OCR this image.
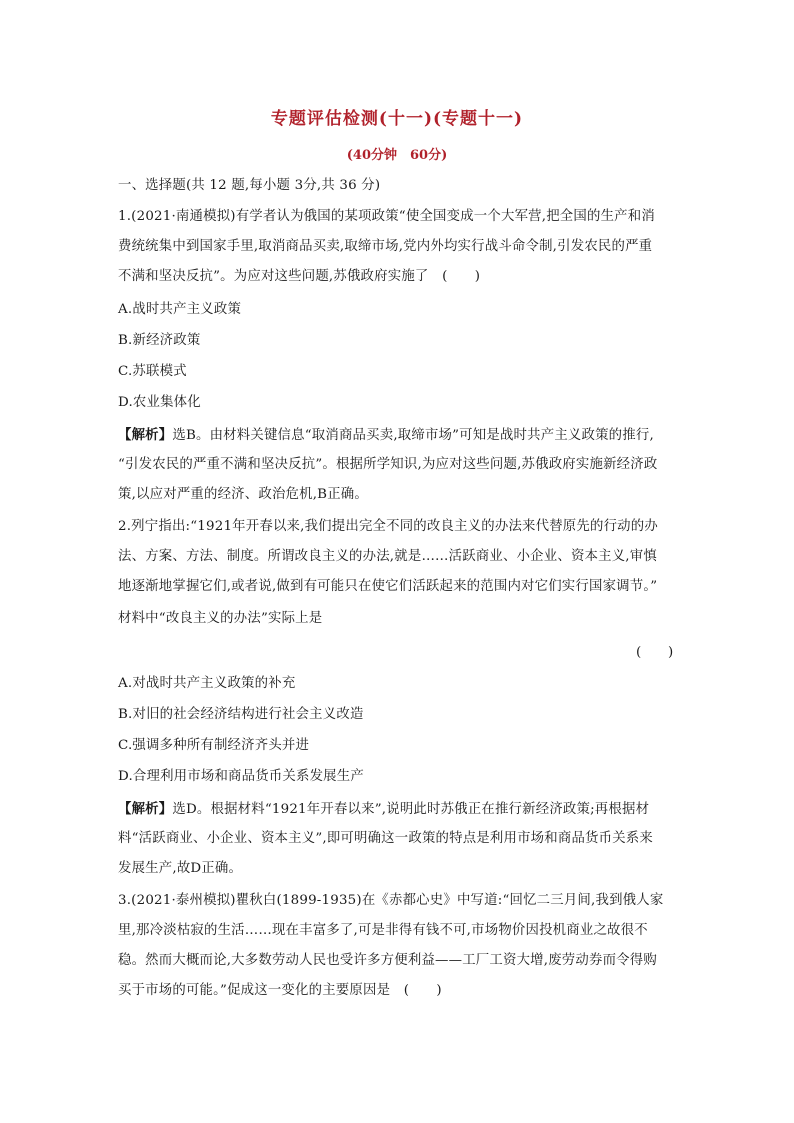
专题评估检测(十一)(专题十一)
(40分钟　60分)
一、选择题(共 12 题,每小题 3分,共 36 分)
1.(2021·南通模拟)有学者认为俄国的某项政策“使全国变成一个大军营,把全国的生产和消
费统统集中到国家手里,取消商品买卖,取缔市场,党内外均实行战斗命令制,引发农民的严重
不满和坚决反抗”。为应对这些问题,苏俄政府实施了　(　　)
A.战时共产主义政策
B.新经济政策
C.苏联模式
D.农业集体化
【解析】选B。由材料关键信息“取消商品买卖,取缔市场”可知是战时共产主义政策的推行,
“引发农民的严重不满和坚决反抗”。根据所学知识,为应对这些问题,苏俄政府实施新经济政
策,以应对严重的经济、政治危机,B正确。
2.列宁指出:“1921年开春以来,我们提出完全不同的改良主义的办法来代替原先的行动的办
法、方案、方法、制度。所谓改良主义的办法,就是……活跃商业、小企业、资本主义,审慎
地逐渐地掌握它们,或者说,做到有可能只在使它们活跃起来的范围内对它们实行国家调节。”
材料中“改良主义的办法”实际上是
(　　)
A.对战时共产主义政策的补充
B.对旧的社会经济结构进行社会主义改造
C.强调多种所有制经济齐头并进
D.合理利用市场和商品货币关系发展生产
【解析】选D。根据材料“1921年开春以来”,说明此时苏俄正在推行新经济政策;再根据材
料“活跃商业、小企业、资本主义”,即可明确这一政策的特点是利用市场和商品货币关系来
发展生产,故D正确。
3.(2021·泰州模拟)瞿秋白(1899-1935)在《赤都心史》中写道:“回忆二三月间,我到俄人家
里,那冷淡枯寂的生活……现在丰富多了,可是非得有钱不可,市场物价因投机商业之故很不
稳。然而大概而论,大多数劳动人民也受许多方便利益——工厂工资大增,废劳动券而令得购
买于市场的可能。”促成这一变化的主要原因是　(　　)
